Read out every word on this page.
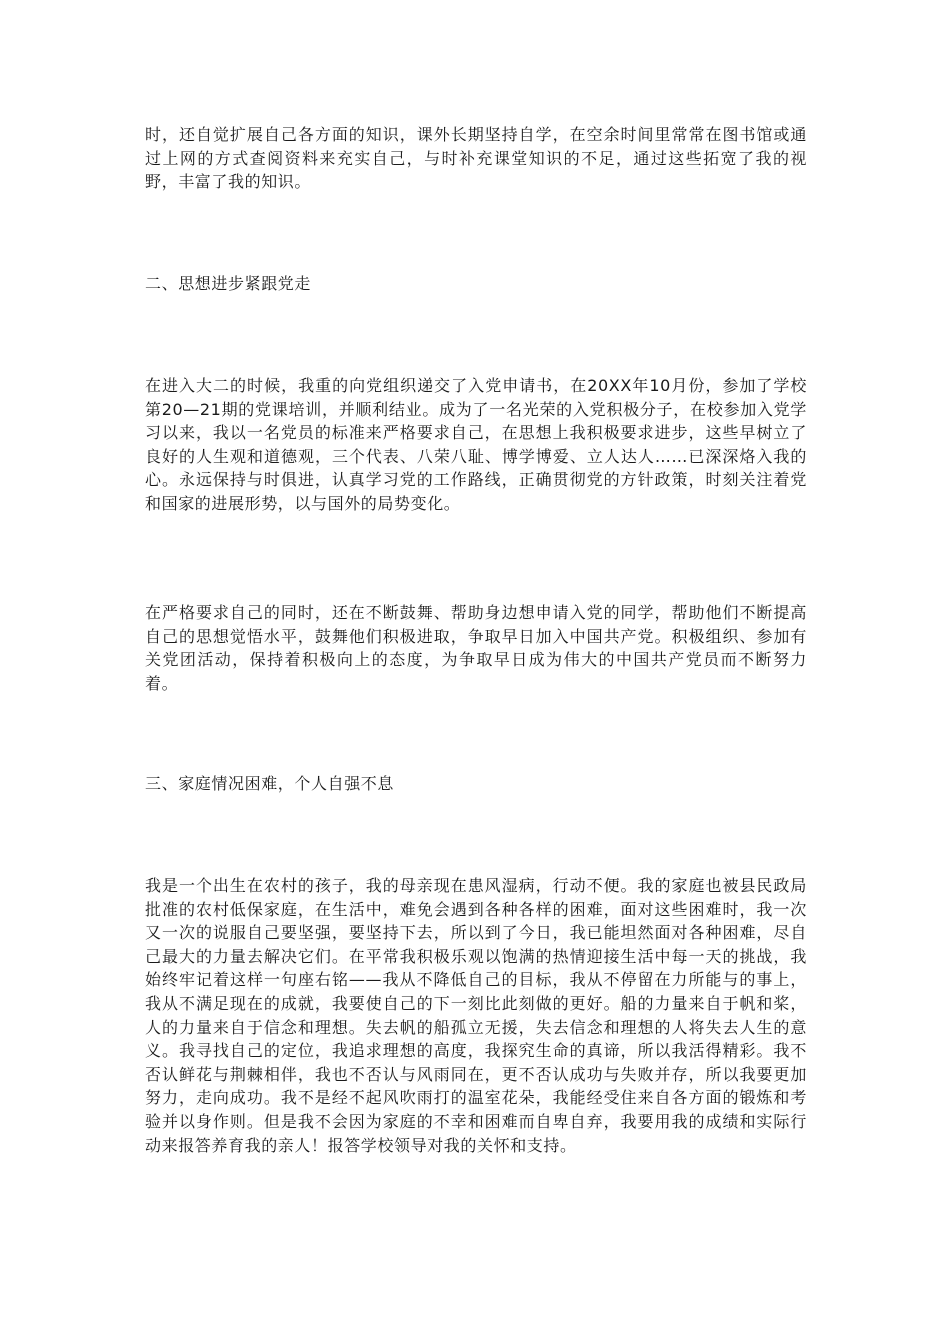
时，还自觉扩展自己各方面的知识，课外长期坚持自学，在空余时间里常常在图书馆或通过上网的方式查阅资料来充实自己，与时补充课堂知识的不足，通过这些拓宽了我的视野，丰富了我的知识。

二、思想进步紧跟党走

在进入大二的时候，我重的向党组织递交了入党申请书，在20XX年10月份，参加了学校第20—21期的党课培训，并顺利结业。成为了一名光荣的入党积极分子，在校参加入党学习以来，我以一名党员的标准来严格要求自己，在思想上我积极要求进步，这些早树立了良好的人生观和道德观，三个代表、八荣八耻、博学博爱、立人达人……已深深烙入我的心。永远保持与时俱进，认真学习党的工作路线，正确贯彻党的方针政策，时刻关注着党和国家的进展形势，以与国外的局势变化。

在严格要求自己的同时，还在不断鼓舞、帮助身边想申请入党的同学，帮助他们不断提高自己的思想觉悟水平，鼓舞他们积极进取，争取早日加入中国共产党。积极组织、参加有关党团活动，保持着积极向上的态度，为争取早日成为伟大的中国共产党员而不断努力着。

三、家庭情况困难，个人自强不息

我是一个出生在农村的孩子，我的母亲现在患风湿病，行动不便。我的家庭也被县民政局批准的农村低保家庭，在生活中，难免会遇到各种各样的困难，面对这些困难时，我一次又一次的说服自己要坚强，要坚持下去，所以到了今日，我已能坦然面对各种困难，尽自己最大的力量去解决它们。在平常我积极乐观以饱满的热情迎接生活中每一天的挑战，我始终牢记着这样一句座右铭——我从不降低自己的目标，我从不停留在力所能与的事上，我从不满足现在的成就，我要使自己的下一刻比此刻做的更好。船的力量来自于帆和桨，人的力量来自于信念和理想。失去帆的船孤立无援，失去信念和理想的人将失去人生的意义。我寻找自己的定位，我追求理想的高度，我探究生命的真谛，所以我活得精彩。我不否认鲜花与荆棘相伴，我也不否认与风雨同在，更不否认成功与失败并存，所以我要更加努力，走向成功。我不是经不起风吹雨打的温室花朵，我能经受住来自各方面的锻炼和考验并以身作则。但是我不会因为家庭的不幸和困难而自卑自弃，我要用我的成绩和实际行动来报答养育我的亲人！报答学校领导对我的关怀和支持。
